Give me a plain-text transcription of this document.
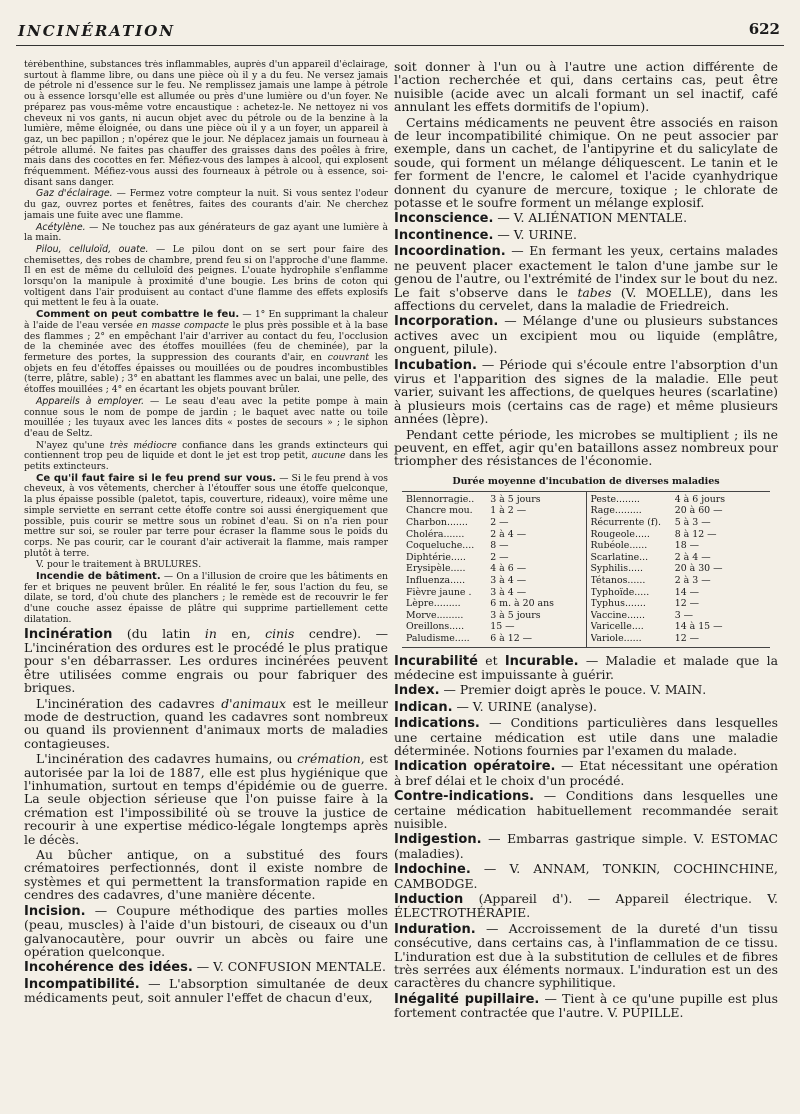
INCINÉRATION	622

térébenthine, substances très inflammables, auprès d'un appareil d'éclairage, surtout à flamme libre, ou dans une pièce où il y a du feu. Ne versez jamais de pétrole ni d'essence sur le feu. Ne remplissez jamais une lampe à pétrole ou à essence lorsqu'elle est allumée ou près d'une lumière ou d'un foyer. Ne préparez pas vous-même votre encaustique : achetez-le. Ne nettoyez ni vos cheveux ni vos gants, ni aucun objet avec du pétrole ou de la benzine à la lumière, même éloignée, ou dans une pièce où il y a un foyer, un appareil à gaz, un bec papillon ; n'opérez que le jour. Ne déplacez jamais un fourneau à pétrole allumé. Ne faites pas chauffer des graisses dans des poêles à frire, mais dans des cocottes en fer. Méfiez-vous des lampes à alcool, qui explosent fréquemment. Méfiez-vous aussi des fourneaux à pétrole ou à essence, soi-disant sans danger.

Gaz d'éclairage. — Fermez votre compteur la nuit. Si vous sentez l'odeur du gaz, ouvrez portes et fenêtres, faites des courants d'air. Ne cherchez jamais une fuite avec une flamme.

Acétylène. — Ne touchez pas aux générateurs de gaz ayant une lumière à la main.

Pilou, celluloïd, ouate. — Le pilou dont on se sert pour faire des chemisettes, des robes de chambre, prend feu si on l'approche d'une flamme. Il en est de même du celluloïd des peignes. L'ouate hydrophile s'enflamme lorsqu'on la manipule à proximité d'une bougie. Les brins de coton qui voltigent dans l'air produisent au contact d'une flamme des effets explosifs qui mettent le feu à la ouate.

Comment on peut combattre le feu. — 1° En supprimant la chaleur à l'aide de l'eau versée en masse compacte le plus près possible et à la base des flammes ; 2° en empêchant l'air d'arriver au contact du feu, l'occlusion de la cheminée avec des étoffes mouillées (feu de cheminée), par la fermeture des portes, la suppression des courants d'air, en couvrant les objets en feu d'étoffes épaisses ou mouillées ou de poudres incombustibles (terre, plâtre, sable) ; 3° en abattant les flammes avec un balai, une pelle, des étoffes mouillées ; 4° en écartant les objets pouvant brûler.

Appareils à employer. — Le seau d'eau avec la petite pompe à main connue sous le nom de pompe de jardin ; le baquet avec natte ou toile mouillée ; les tuyaux avec les lances dits « postes de secours » ; le siphon d'eau de Seltz.

N'ayez qu'une très médiocre confiance dans les grands extincteurs qui contiennent trop peu de liquide et dont le jet est trop petit, aucune dans les petits extincteurs.

Ce qu'il faut faire si le feu prend sur vous. — Si le feu prend à vos cheveux, à vos vêtements, chercher à l'étouffer sous une étoffe quelconque, la plus épaisse possible (paletot, tapis, couverture, rideaux), voire même une simple serviette en serrant cette étoffe contre soi aussi énergiquement que possible, puis courir se mettre sous un robinet d'eau. Si on n'a rien pour mettre sur soi, se rouler par terre pour écraser la flamme sous le poids du corps. Ne pas courir, car le courant d'air activerait la flamme, mais ramper plutôt à terre.

V. pour le traitement à BRULURES.

Incendie de bâtiment. — On a l'illusion de croire que les bâtiments en fer et briques ne peuvent brûler. En réalité le fer, sous l'action du feu, se dilate, se tord, d'où chute des planchers ; le remède est de recouvrir le fer d'une couche assez épaisse de plâtre qui supprime partiellement cette dilatation.

Incinération (du latin in en, cinis cendre). — L'incinération des ordures est le procédé le plus pratique pour s'en débarrasser. Les ordures incinérées peuvent être utilisées comme engrais ou pour fabriquer des briques.

L'incinération des cadavres d'animaux est le meilleur mode de destruction, quand les cadavres sont nombreux ou quand ils proviennent d'animaux morts de maladies contagieuses.

L'incinération des cadavres humains, ou crémation, est autorisée par la loi de 1887, elle est plus hygiénique que l'inhumation, surtout en temps d'épidémie ou de guerre. La seule objection sérieuse que l'on puisse faire à la crémation est l'impossibilité où se trouve la justice de recourir à une expertise médico-légale longtemps après le décès.

Au bûcher antique, on a substitué des fours crématoires perfectionnés, dont il existe nombre de systèmes et qui permettent la transformation rapide en cendres des cadavres, d'une manière décente.

Incision. — Coupure méthodique des parties molles (peau, muscles) à l'aide d'un bistouri, de ciseaux ou d'un galvanocautère, pour ouvrir un abcès ou faire une opération quelconque.

Incohérence des idées. — V. CONFUSION MENTALE.

Incompatibilité. — L'absorption simultanée de deux médicaments peut, soit annuler l'effet de chacun d'eux,

soit donner à l'un ou à l'autre une action différente de l'action recherchée et qui, dans certains cas, peut être nuisible (acide avec un alcali formant un sel inactif, café annulant les effets dormitifs de l'opium).

Certains médicaments ne peuvent être associés en raison de leur incompatibilité chimique. On ne peut associer par exemple, dans un cachet, de l'antipyrine et du salicylate de soude, qui forment un mélange déliquescent. Le tanin et le fer forment de l'encre, le calomel et l'acide cyanhydrique donnent du cyanure de mercure, toxique ; le chlorate de potasse et le soufre forment un mélange explosif.

Inconscience. — V. ALIÉNATION MENTALE.

Incontinence. — V. URINE.

Incoordination. — En fermant les yeux, certains malades ne peuvent placer exactement le talon d'une jambe sur le genou de l'autre, ou l'extrémité de l'index sur le bout du nez. Le fait s'observe dans le tabes (V. MOELLE), dans les affections du cervelet, dans la maladie de Friedreich.

Incorporation. — Mélange d'une ou plusieurs substances actives avec un excipient mou ou liquide (emplâtre, onguent, pilule).

Incubation. — Période qui s'écoule entre l'absorption d'un virus et l'apparition des signes de la maladie. Elle peut varier, suivant les affections, de quelques heures (scarlatine) à plusieurs mois (certains cas de rage) et même plusieurs années (lèpre).

Pendant cette période, les microbes se multiplient ; ils ne peuvent, en effet, agir qu'en bataillons assez nombreux pour triompher des résistances de l'économie.

Durée moyenne d'incubation de diverses maladies
Blennorragie..	3 à 5 jours
Chancre mou.	1 à 2 —
Charbon.......	2 —
Choléra.......	2 à 4 —
Coqueluche....	8 —
Diphtérie.....	2 —
Erysipèle.....	4 à 6 —
Influenza.....	3 à 4 —
Fièvre jaune .	3 à 4 —
Lèpre.........	6 m. à 20 ans
Morve.........	3 à 5 jours
Oreillons.....	15 —
Paludisme.....	6 à 12 —
Peste........	4 à 6 jours
Rage.........	20 à 60 —
Récurrente (f).	5 à 3 —
Rougeole.....	8 à 12 —
Rubéole......	18 —
Scarlatine...	2 à 4 —
Syphilis.....	20 à 30 —
Tétanos......	2 à 3 —
Typhoïde.....	14 —
Typhus.......	12 —
Vaccine......	3 —
Varicelle....	14 à 15 —
Variole......	12 —

Incurabilité et Incurable. — Maladie et malade que la médecine est impuissante à guérir.

Index. — Premier doigt après le pouce. V. MAIN.

Indican. — V. URINE (analyse).

Indications. — Conditions particulières dans lesquelles une certaine médication est utile dans une maladie déterminée. Notions fournies par l'examen du malade.

Indication opératoire. — Etat nécessitant une opération à bref délai et le choix d'un procédé.

Contre-indications. — Conditions dans lesquelles une certaine médication habituellement recommandée serait nuisible.

Indigestion. — Embarras gastrique simple. V. ESTOMAC (maladies).

Indochine. — V. ANNAM, TONKIN, COCHINCHINE, CAMBODGE.

Induction (Appareil d'). — Appareil électrique. V. ÉLECTROTHÉRAPIE.

Induration. — Accroissement de la dureté d'un tissu consécutive, dans certains cas, à l'inflammation de ce tissu. L'induration est due à la substitution de cellules et de fibres très serrées aux éléments normaux. L'induration est un des caractères du chancre syphilitique.

Inégalité pupillaire. — Tient à ce qu'une pupille est plus fortement contractée que l'autre. V. PUPILLE.
